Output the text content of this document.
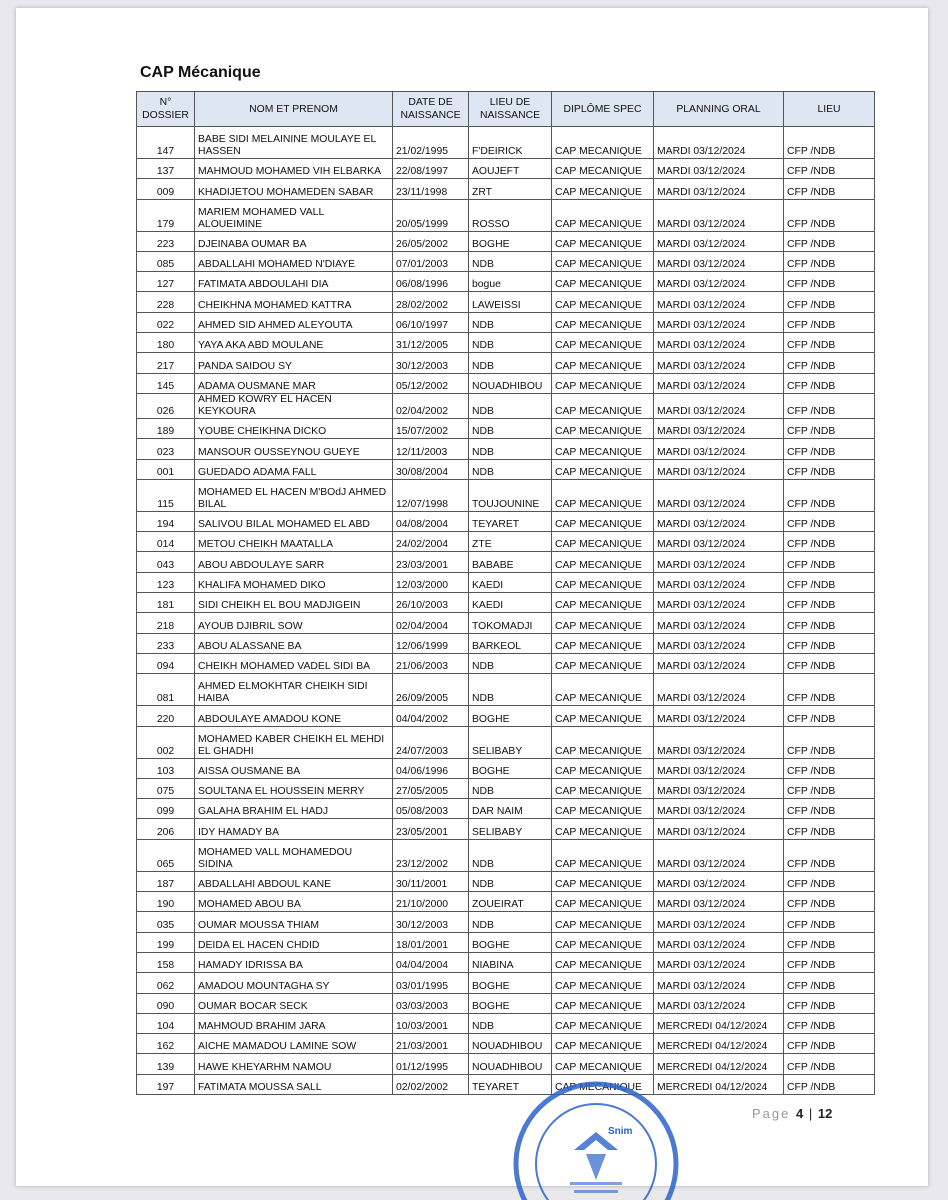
CAP Mécanique
N° DOSSIER	NOM ET PRENOM	DATE DE NAISSANCE	LIEU DE NAISSANCE	DIPLÔME SPEC	PLANNING ORAL	LIEU
147	BABE SIDI MELAININE MOULAYE EL HASSEN	21/02/1995	F'DEIRICK	CAP MECANIQUE	MARDI 03/12/2024	CFP /NDB
137	MAHMOUD MOHAMED VIH ELBARKA	22/08/1997	AOUJEFT	CAP MECANIQUE	MARDI 03/12/2024	CFP /NDB
009	KHADIJETOU MOHAMEDEN SABAR	23/11/1998	ZRT	CAP MECANIQUE	MARDI 03/12/2024	CFP /NDB
179	MARIEM MOHAMED VALL ALOUEIMINE	20/05/1999	ROSSO	CAP MECANIQUE	MARDI 03/12/2024	CFP /NDB
223	DJEINABA OUMAR BA	26/05/2002	BOGHE	CAP MECANIQUE	MARDI 03/12/2024	CFP /NDB
085	ABDALLAHI MOHAMED N'DIAYE	07/01/2003	NDB	CAP MECANIQUE	MARDI 03/12/2024	CFP /NDB
127	FATIMATA ABDOULAHI DIA	06/08/1996	bogue	CAP MECANIQUE	MARDI 03/12/2024	CFP /NDB
228	CHEIKHNA MOHAMED KATTRA	28/02/2002	LAWEISSI	CAP MECANIQUE	MARDI 03/12/2024	CFP /NDB
022	AHMED SID AHMED ALEYOUTA	06/10/1997	NDB	CAP MECANIQUE	MARDI 03/12/2024	CFP /NDB
180	YAYA AKA ABD MOULANE	31/12/2005	NDB	CAP MECANIQUE	MARDI 03/12/2024	CFP /NDB
217	PANDA SAIDOU SY	30/12/2003	NDB	CAP MECANIQUE	MARDI 03/12/2024	CFP /NDB
145	ADAMA OUSMANE MAR	05/12/2002	NOUADHIBOU	CAP MECANIQUE	MARDI 03/12/2024	CFP /NDB
026	AHMED KOWRY EL HACEN KEYKOURA	02/04/2002	NDB	CAP MECANIQUE	MARDI 03/12/2024	CFP /NDB
189	YOUBE CHEIKHNA DICKO	15/07/2002	NDB	CAP MECANIQUE	MARDI 03/12/2024	CFP /NDB
023	MANSOUR OUSSEYNOU GUEYE	12/11/2003	NDB	CAP MECANIQUE	MARDI 03/12/2024	CFP /NDB
001	GUEDADO ADAMA FALL	30/08/2004	NDB	CAP MECANIQUE	MARDI 03/12/2024	CFP /NDB
115	MOHAMED EL HACEN M'BOdJ AHMED BILAL	12/07/1998	TOUJOUNINE	CAP MECANIQUE	MARDI 03/12/2024	CFP /NDB
194	SALIVOU BILAL MOHAMED EL ABD	04/08/2004	TEYARET	CAP MECANIQUE	MARDI 03/12/2024	CFP /NDB
014	METOU CHEIKH MAATALLA	24/02/2004	ZTE	CAP MECANIQUE	MARDI 03/12/2024	CFP /NDB
043	ABOU ABDOULAYE SARR	23/03/2001	BABABE	CAP MECANIQUE	MARDI 03/12/2024	CFP /NDB
123	KHALIFA MOHAMED DIKO	12/03/2000	KAEDI	CAP MECANIQUE	MARDI 03/12/2024	CFP /NDB
181	SIDI CHEIKH EL BOU MADJIGEIN	26/10/2003	KAEDI	CAP MECANIQUE	MARDI 03/12/2024	CFP /NDB
218	AYOUB DJIBRIL SOW	02/04/2004	TOKOMADJI	CAP MECANIQUE	MARDI 03/12/2024	CFP /NDB
233	ABOU ALASSANE BA	12/06/1999	BARKEOL	CAP MECANIQUE	MARDI 03/12/2024	CFP /NDB
094	CHEIKH MOHAMED VADEL SIDI BA	21/06/2003	NDB	CAP MECANIQUE	MARDI 03/12/2024	CFP /NDB
081	AHMED ELMOKHTAR CHEIKH SIDI HAIBA	26/09/2005	NDB	CAP MECANIQUE	MARDI 03/12/2024	CFP /NDB
220	ABDOULAYE AMADOU KONE	04/04/2002	BOGHE	CAP MECANIQUE	MARDI 03/12/2024	CFP /NDB
002	MOHAMED KABER CHEIKH EL MEHDI EL GHADHI	24/07/2003	SELIBABY	CAP MECANIQUE	MARDI 03/12/2024	CFP /NDB
103	AISSA OUSMANE BA	04/06/1996	BOGHE	CAP MECANIQUE	MARDI 03/12/2024	CFP /NDB
075	SOULTANA EL HOUSSEIN MERRY	27/05/2005	NDB	CAP MECANIQUE	MARDI 03/12/2024	CFP /NDB
099	GALAHA BRAHIM EL HADJ	05/08/2003	DAR NAIM	CAP MECANIQUE	MARDI 03/12/2024	CFP /NDB
206	IDY HAMADY BA	23/05/2001	SELIBABY	CAP MECANIQUE	MARDI 03/12/2024	CFP /NDB
065	MOHAMED VALL MOHAMEDOU SIDINA	23/12/2002	NDB	CAP MECANIQUE	MARDI 03/12/2024	CFP /NDB
187	ABDALLAHI ABDOUL KANE	30/11/2001	NDB	CAP MECANIQUE	MARDI 03/12/2024	CFP /NDB
190	MOHAMED ABOU BA	21/10/2000	ZOUEIRAT	CAP MECANIQUE	MARDI 03/12/2024	CFP /NDB
035	OUMAR MOUSSA THIAM	30/12/2003	NDB	CAP MECANIQUE	MARDI 03/12/2024	CFP /NDB
199	DEIDA EL HACEN CHDID	18/01/2001	BOGHE	CAP MECANIQUE	MARDI 03/12/2024	CFP /NDB
158	HAMADY IDRISSA BA	04/04/2004	NIABINA	CAP MECANIQUE	MARDI 03/12/2024	CFP /NDB
062	AMADOU MOUNTAGHA SY	03/01/1995	BOGHE	CAP MECANIQUE	MARDI 03/12/2024	CFP /NDB
090	OUMAR BOCAR SECK	03/03/2003	BOGHE	CAP MECANIQUE	MARDI 03/12/2024	CFP /NDB
104	MAHMOUD BRAHIM JARA	10/03/2001	NDB	CAP MECANIQUE	MERCREDI 04/12/2024	CFP /NDB
162	AICHE MAMADOU LAMINE SOW	21/03/2001	NOUADHIBOU	CAP MECANIQUE	MERCREDI 04/12/2024	CFP /NDB
139	HAWE KHEYARHM NAMOU	01/12/1995	NOUADHIBOU	CAP MECANIQUE	MERCREDI 04/12/2024	CFP /NDB
197	FATIMATA MOUSSA SALL	02/02/2002	TEYARET	CAP MECANIQUE	MERCREDI 04/12/2024	CFP /NDB
Page 4 | 12
Snim
